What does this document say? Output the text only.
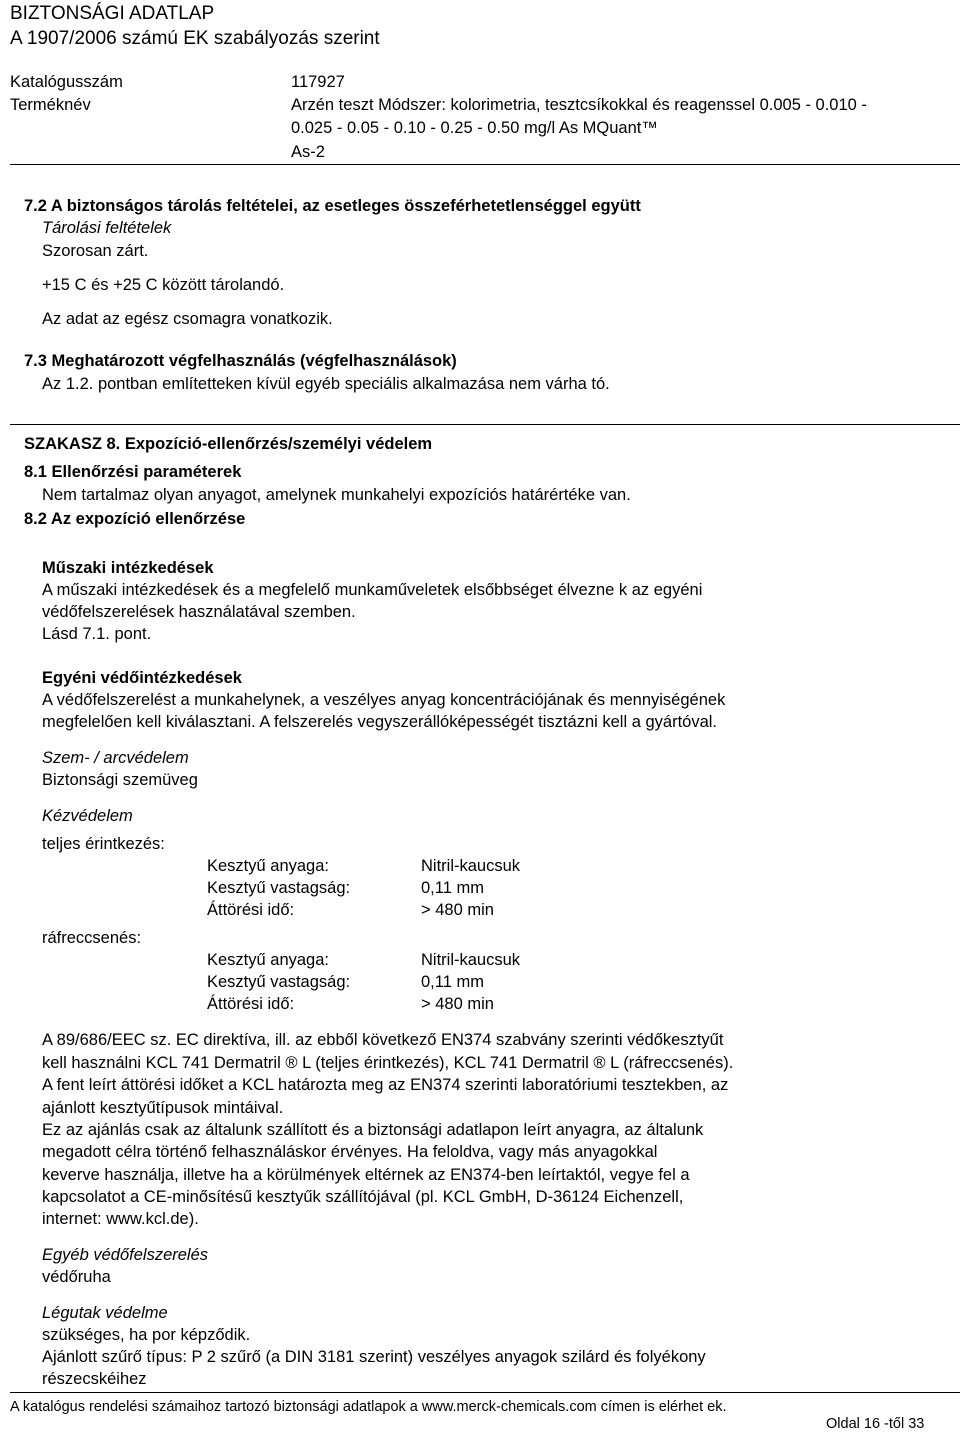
BIZTONSÁGI ADATLAP
A 1907/2006 számú EK szabályozás szerint
Katalógusszám	117927
Terméknév	Arzén teszt Módszer: kolorimetria, tesztcsíkokkal és reagenssel 0.005 - 0.010 -
0.025 - 0.05 - 0.10 - 0.25 - 0.50 mg/l As MQuant™
As-2
7.2 A biztonságos tárolás feltételei, az esetleges összeférhetetlenséggel együtt
Tárolási feltételek
Szorosan zárt.
+15 C és +25 C között tárolandó.
Az adat az egész csomagra vonatkozik.
7.3 Meghatározott végfelhasználás (végfelhasználások)
Az 1.2. pontban említetteken kívül egyéb speciális alkalmazása nem várha tó.
SZAKASZ 8. Expozíció-ellenőrzés/személyi védelem
8.1 Ellenőrzési paraméterek
Nem tartalmaz olyan anyagot, amelynek munkahelyi expozíciós határértéke van.
8.2 Az expozíció ellenőrzése
Műszaki intézkedések
A műszaki intézkedések és a megfelelő munkaműveletek elsőbbséget élvezne k az egyéni
védőfelszerelések használatával szemben.
Lásd 7.1. pont.
Egyéni védőintézkedések
A védőfelszerelést a munkahelynek, a veszélyes anyag koncentrációjának és mennyiségének
megfelelően kell kiválasztani. A felszerelés vegyszerállóképességét tisztázni kell a gyártóval.
Szem- / arcvédelem
Biztonsági szemüveg
Kézvédelem
teljes érintkezés:
Kesztyű anyaga:	Nitril-kaucsuk
Kesztyű vastagság:	0,11 mm
Áttörési idő:	> 480 min
ráfreccsenés:
Kesztyű anyaga:	Nitril-kaucsuk
Kesztyű vastagság:	0,11 mm
Áttörési idő:	> 480 min
A 89/686/EEC sz. EC direktíva, ill. az ebből következő EN374 szabvány szerinti védőkesztyűt
kell használni KCL 741 Dermatril ® L (teljes érintkezés), KCL 741 Dermatril ® L (ráfreccsenés).
A fent leírt áttörési időket a KCL határozta meg az EN374 szerinti laboratóriumi tesztekben, az
ajánlott kesztyűtípusok mintáival.
Ez az ajánlás csak az általunk szállított és a biztonsági adatlapon leírt anyagra, az általunk
megadott célra történő felhasználáskor érvényes. Ha feloldva, vagy más anyagokkal
keverve használja, illetve ha a körülmények eltérnek az EN374-ben leírtaktól, vegye fel a
kapcsolatot a CE-minősítésű kesztyűk szállítójával (pl. KCL GmbH, D-36124 Eichenzell,
internet: www.kcl.de).
Egyéb védőfelszerelés
védőruha
Légutak védelme
szükséges, ha por képződik.
Ajánlott szűrő típus: P 2 szűrő (a DIN 3181 szerint) veszélyes anyagok szilárd és folyékony
részecskéihez
A katalógus rendelési számaihoz tartozó biztonsági adatlapok a www.merck-chemicals.com címen is elérhet ek.
Oldal 16 -től 33
